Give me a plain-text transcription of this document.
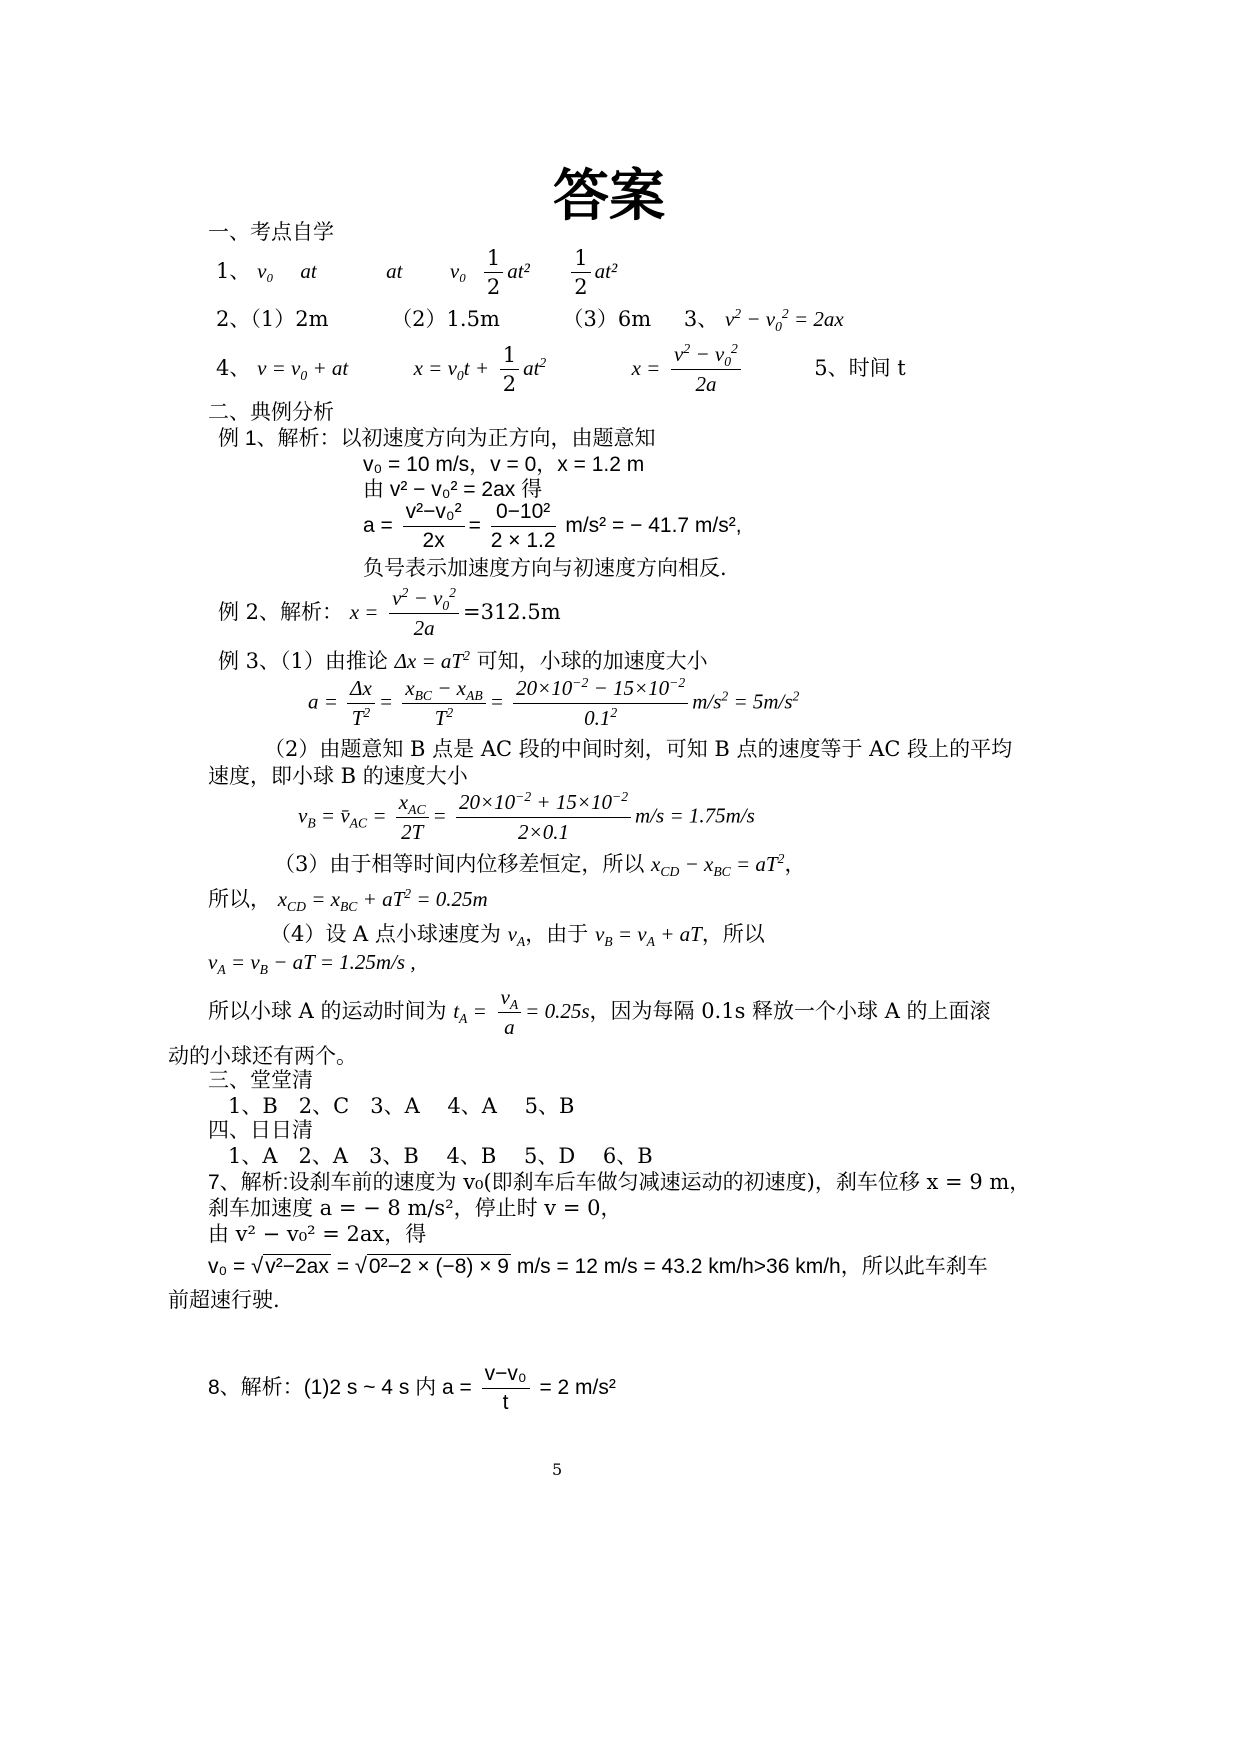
答案
一、考点自学
1、 v₀ at	at $v_0 \frac{1}{2} at^2 \frac{1}{2} at^2$
2、（1）2m	（2）1.5m	（3）6m 3、 $v^2 - v_0^2 = 2ax$
4、 $v = v_0$ + at	$x = v_0t + \frac{1}{2} at^2$	$x = \frac{v^2 - v_0^2}{2a}$	5、时间 t
二、典例分析
例 1、解析：以初速度方向为正方向，由题意知
v₀ = 10 m/s，v = 0，x = 1.2 m
由 v² − v₀² = 2ax 得
$a = \frac{\text{v²−v₀²}}{2x} = \frac{\text{0−10²}}{2 \times 1.2} m/s^2$ = − 41.7 m/s²,
负号表示加速度方向与初速度方向相反.
例 2、解析： $x = \frac{v^2 - v_0^2}{2a} =312.5m$
例 3、（1）由推论 $\Delta x = aT^2$ 可知，小球的加速度大小
$a = \frac{\Delta x}{T^2} = \frac{x_{BC} - x_{AB}}{T^2} = \frac{20\times 10^{-2} - 15\times 10^{-2}}{0.1^2} m/s^2 = 5m/s^2$
（2）由题意知 B 点是 AC 段的中间时刻，可知 B 点的速度等于 AC 段上的平均
速度，即小球 B 的速度大小
$v_B$ = $v̄_{AC} = \frac{x_{AC}}{2T} = \frac{20\times 10^{-2} + 15\times 10^{-2}}{2\times 0.1} m/s = 1.75m/s$
（3）由于相等时间内位移差恒定，所以 $x_{CD} - x_{BC} = aT^2$，
所以， $x_{CD} = x_{BC} + aT^2 = 0.25m$
（4）设 A 点小球速度为 $v_A$，由于 $v_B = v_A$ + aT，所以
$v_A = v_B$ − aT = 1.25m/s ,
所以小球 A 的运动时间为 $t_A = \frac{v_A}{a} = 0.25s$，因为每隔 0.1s 释放一个小球 A 的上面滚
动的小球还有两个。
三、堂堂清
1、B　2、C　3、A　 4、A　 5、B
四、日日清
1、A　2、A　3、B　 4、B　 5、D　 6、B
7、解析:设刹车前的速度为 v₀(即刹车后车做匀减速运动的初速度)，刹车位移 x = 9 m，
刹车加速度 a = − 8 m/s²，停止时 v = 0，
由 v² − v₀² = 2ax，得
v₀ = √v²−2ax = √0²−2 × (−8) × 9 m/s = 12 m/s = 43.2 km/h>36 km/h，所以此车刹车
前超速行驶.
8、解析：(1)2 s ~ 4 s 内 $a = \frac{\text{v−v₀}}{t} = 2$ m/s²
5
